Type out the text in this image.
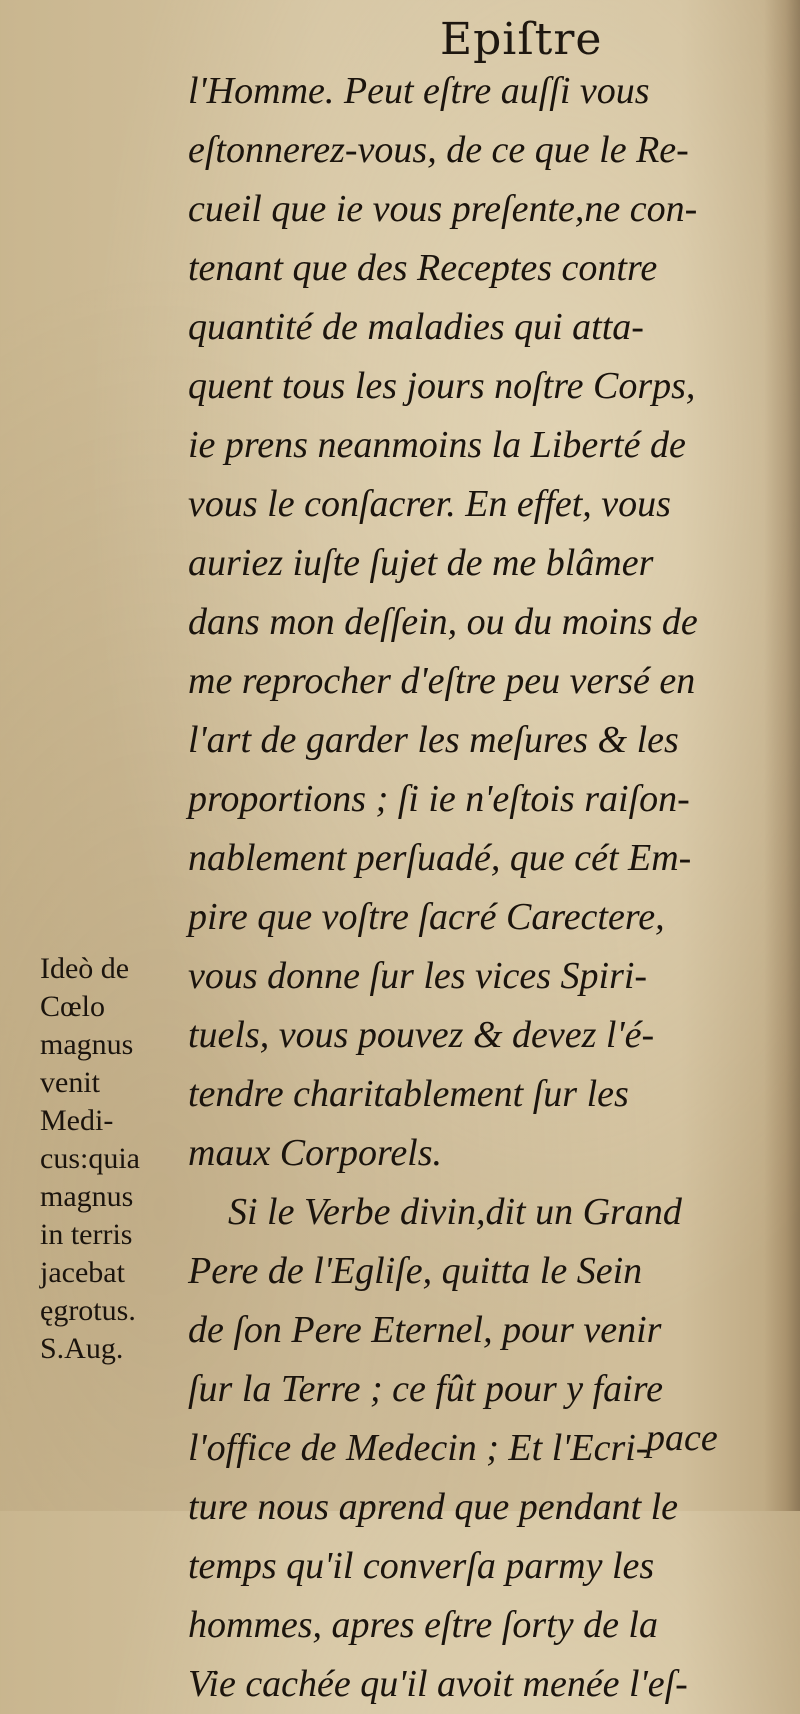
Epiſtre
l'Homme. Peut eſtre auſſi vous
eſtonnerez-vous, de ce que le Re-
cueil que ie vous preſente,ne con-
tenant que des Receptes contre
quantité de maladies qui atta-
quent tous les jours noſtre Corps,
ie prens neanmoins la Liberté de
vous le conſacrer. En effet, vous
auriez iuſte ſujet de me blâmer
dans mon deſſein, ou du moins de
me reprocher d'eſtre peu versé en
l'art de garder les meſures & les
proportions ; ſi ie n'eſtois raiſon-
nablement perſuadé, que cét Em-
pire que voſtre ſacré Carectere,
vous donne ſur les vices Spiri-
tuels, vous pouvez & devez l'é-
tendre charitablement ſur les
maux Corporels.
Si le Verbe divin,dit un Grand
Pere de l'Egliſe, quitta le Sein
de ſon Pere Eternel, pour venir
ſur la Terre ; ce fût pour y faire
l'office de Medecin ; Et l'Ecri-
ture nous aprend que pendant le
temps qu'il converſa parmy les
hommes, apres eſtre ſorty de la
Vie cachée qu'il avoit menée l'eſ-
Ideò de
Cœlo
magnus
venit
Medi-
cus:quia
magnus
in terris
jacebat
ęgrotus.
S.Aug.
pace
